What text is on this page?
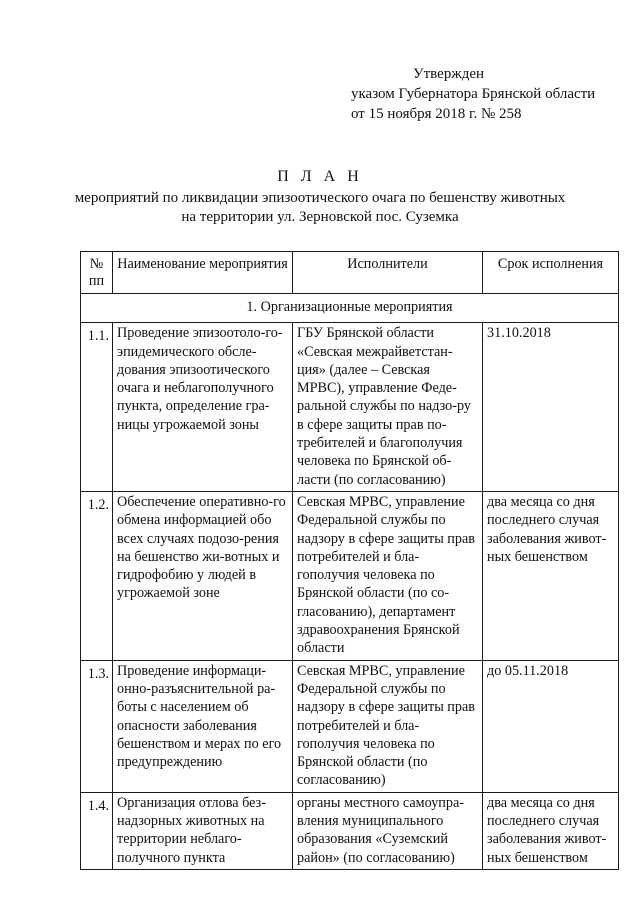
Утвержден
указом Губернатора Брянской области
от 15 ноября 2018 г. № 258
П Л А Н
мероприятий по ликвидации эпизоотического очага по бешенству животных
на территории ул. Зерновской пос. Суземка
№ пп	Наименование мероприятия	Исполнители	Срок исполнения
1. Организационные мероприятия			
1.1.	Проведение эпизоотоло-го-эпидемического обсле-дования эпизоотического очага и неблагополучного пункта, определение гра-ницы угрожаемой зоны	ГБУ Брянской области «Севская межрайветстан-ция» (далее – Севская МРВС), управление Феде-ральной службы по надзо-ру в сфере защиты прав по-требителей и благополучия человека по Брянской об-ласти (по согласованию)	31.10.2018
1.2.	Обеспечение оперативно-го обмена информацией обо всех случаях подозо-рения на бешенство жи-вотных и гидрофобию у людей в угрожаемой зоне	Севская МРВС, управление Федеральной службы по надзору в сфере защиты прав потребителей и бла-гополучия человека по Брянской области (по со-гласованию), департамент здравоохранения Брянской области	два месяца со дня последнего случая заболевания живот-ных бешенством
1.3.	Проведение информаци-онно-разъяснительной ра-боты с населением об опасности заболевания бешенством и мерах по его предупреждению	Севская МРВС, управление Федеральной службы по надзору в сфере защиты прав потребителей и бла-гополучия человека по Брянской области (по согласованию)	до 05.11.2018
1.4.	Организация отлова без-надзорных животных на территории неблаго-получного пункта	органы местного самоупра-вления муниципального образования «Суземский район» (по согласованию)	два месяца со дня последнего случая заболевания живот-ных бешенством
